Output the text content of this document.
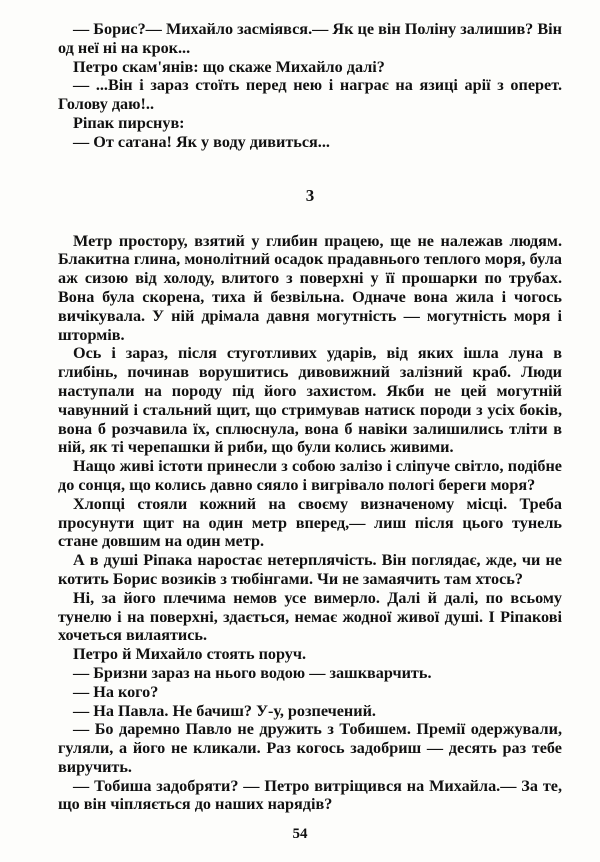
— Борис?— Михайло засміявся.— Як це він Поліну залишив? Він од неї ні на крок...

Петро скам'янів: що скаже Михайло далі?

— ...Він і зараз стоїть перед нею і награє на язиці арії з оперет. Голову даю!..

Ріпак пирснув:

— От сатана! Як у воду дивиться...

3

Метр простору, взятий у глибин працею, ще не належав людям. Блакитна глина, монолітний осадок прадавнього теплого моря, була аж сизою від холоду, влитого з поверхні у її прошарки по трубах. Вона була скорена, тиха й безвільна. Одначе вона жила і чогось вичікувала. У ній дрімала давня могутність — могутність моря і штормів.

Ось і зараз, після стуготливих ударів, від яких ішла луна в глибінь, починав ворушитись дивовижний залізний краб. Люди наступали на породу під його захистом. Якби не цей могутній чавунний і стальний щит, що стримував натиск породи з усіх боків, вона б розчавила їх, сплюснула, вона б навіки залишились тліти в ній, як ті черепашки й риби, що були колись живими.

Нащо живі істоти принесли з собою залізо і сліпуче світло, подібне до сонця, що колись давно сяяло і вигрівало пологі береги моря?

Хлопці стояли кожний на своєму визначеному місці. Треба просунути щит на один метр вперед,— лиш після цього тунель стане довшим на один метр.

А в душі Ріпака наростає нетерплячість. Він поглядає, жде, чи не котить Борис возиків з тюбінгами. Чи не замаячить там хтось?

Ні, за його плечима немов усе вимерло. Далі й далі, по всьому тунелю і на поверхні, здається, немає жодної живої душі. І Ріпакові хочеться вилаятись.

Петро й Михайло стоять поруч.

— Бризни зараз на нього водою — зашкварчить.

— На кого?

— На Павла. Не бачиш? У-у, розпечений.

— Бо даремно Павло не дружить з Тобишем. Премії одержували, гуляли, а його не кликали. Раз когось задобриш — десять раз тебе виручить.

— Тобиша задобряти? — Петро витріщився на Михайла.— За те, що він чіпляється до наших нарядів?

54
